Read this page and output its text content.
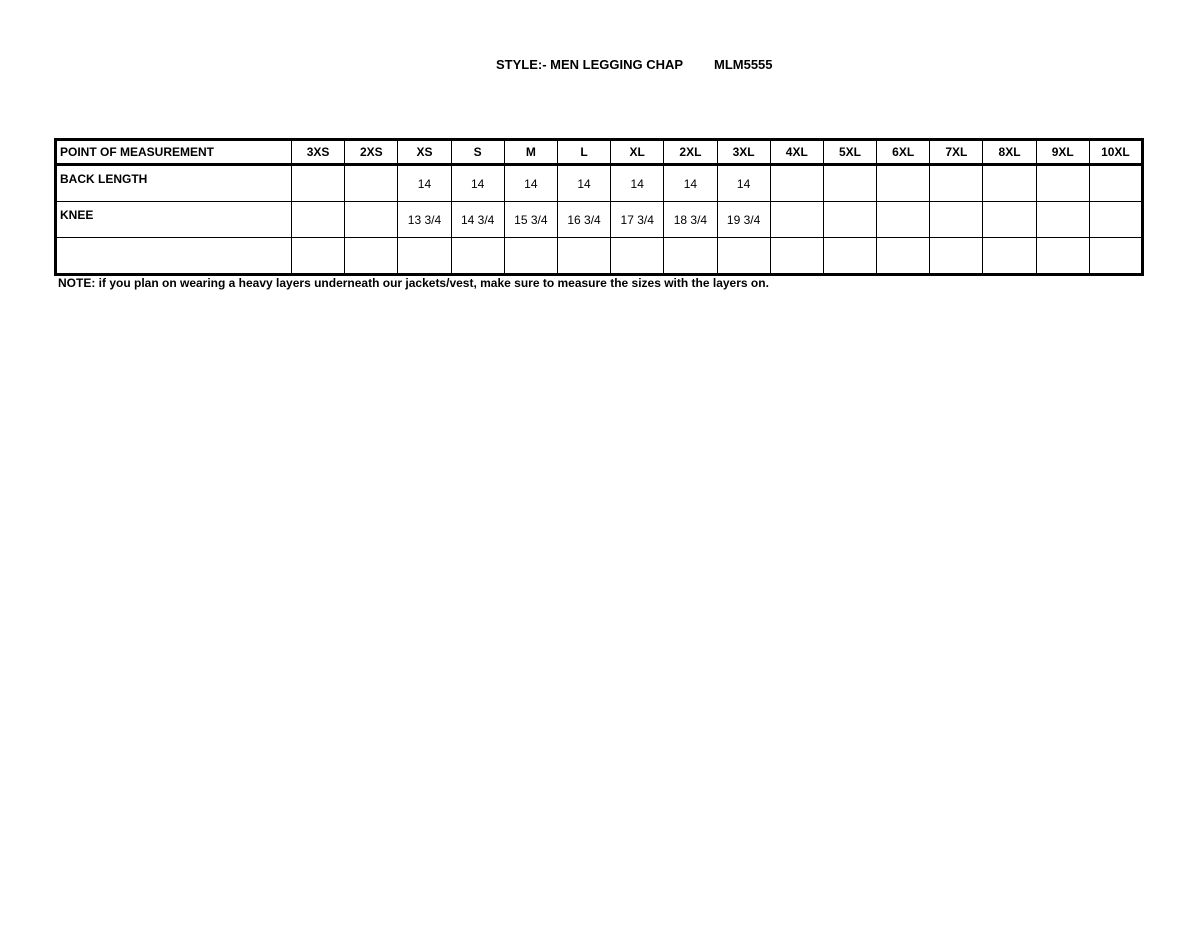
STYLE:- MEN LEGGING CHAP MLM5555
POINT OF MEASUREMENT	3XS	2XS	XS	S	M	L	XL	2XL	3XL	4XL	5XL	6XL	7XL	8XL	9XL	10XL
BACK LENGTH			14	14	14	14	14	14	14							
KNEE			13 3/4	14 3/4	15 3/4	16 3/4	17 3/4	18 3/4	19 3/4							

NOTE: if you plan on wearing a heavy layers underneath our jackets/vest, make sure to measure the sizes with the layers on.
